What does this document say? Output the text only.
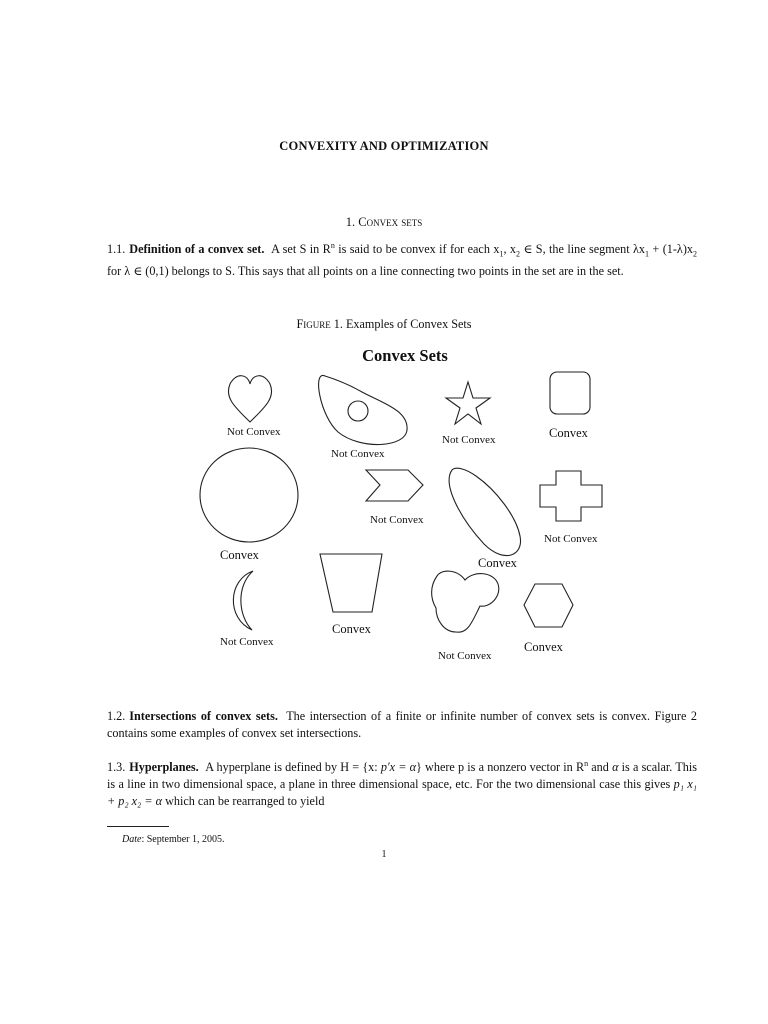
CONVEXITY AND OPTIMIZATION
1. Convex sets
1.1. Definition of a convex set. A set S in $R^n$ is said to be convex if for each $x_1$, $x_2$ ∈ S, the line segment $\lambda x_1 + (1-\lambda)x_2$ for λ ∈ (0,1) belongs to S. This says that all points on a line connecting two points in the set are in the set.
Figure 1. Examples of Convex Sets
Convex Sets
Not Convex
Not Convex
Not Convex	Convex
Convex
Not Convex
Convex
Not Convex
Not Convex
Convex
Not Convex
Convex
1.2. Intersections of convex sets. The intersection of a finite or infinite number of convex sets is convex. Figure 2 contains some examples of convex set intersections.
1.3. Hyperplanes. A hyperplane is defined by H = {x: p′x = α} where p is a nonzero vector in $R^n$ and α is a scalar. This is a line in two dimensional space, a plane in three dimensional space, etc. For the two dimensional case this gives p₁ x₁ + p₂ x₂ = α which can be rearranged to yield
Date: September 1, 2005.
1
